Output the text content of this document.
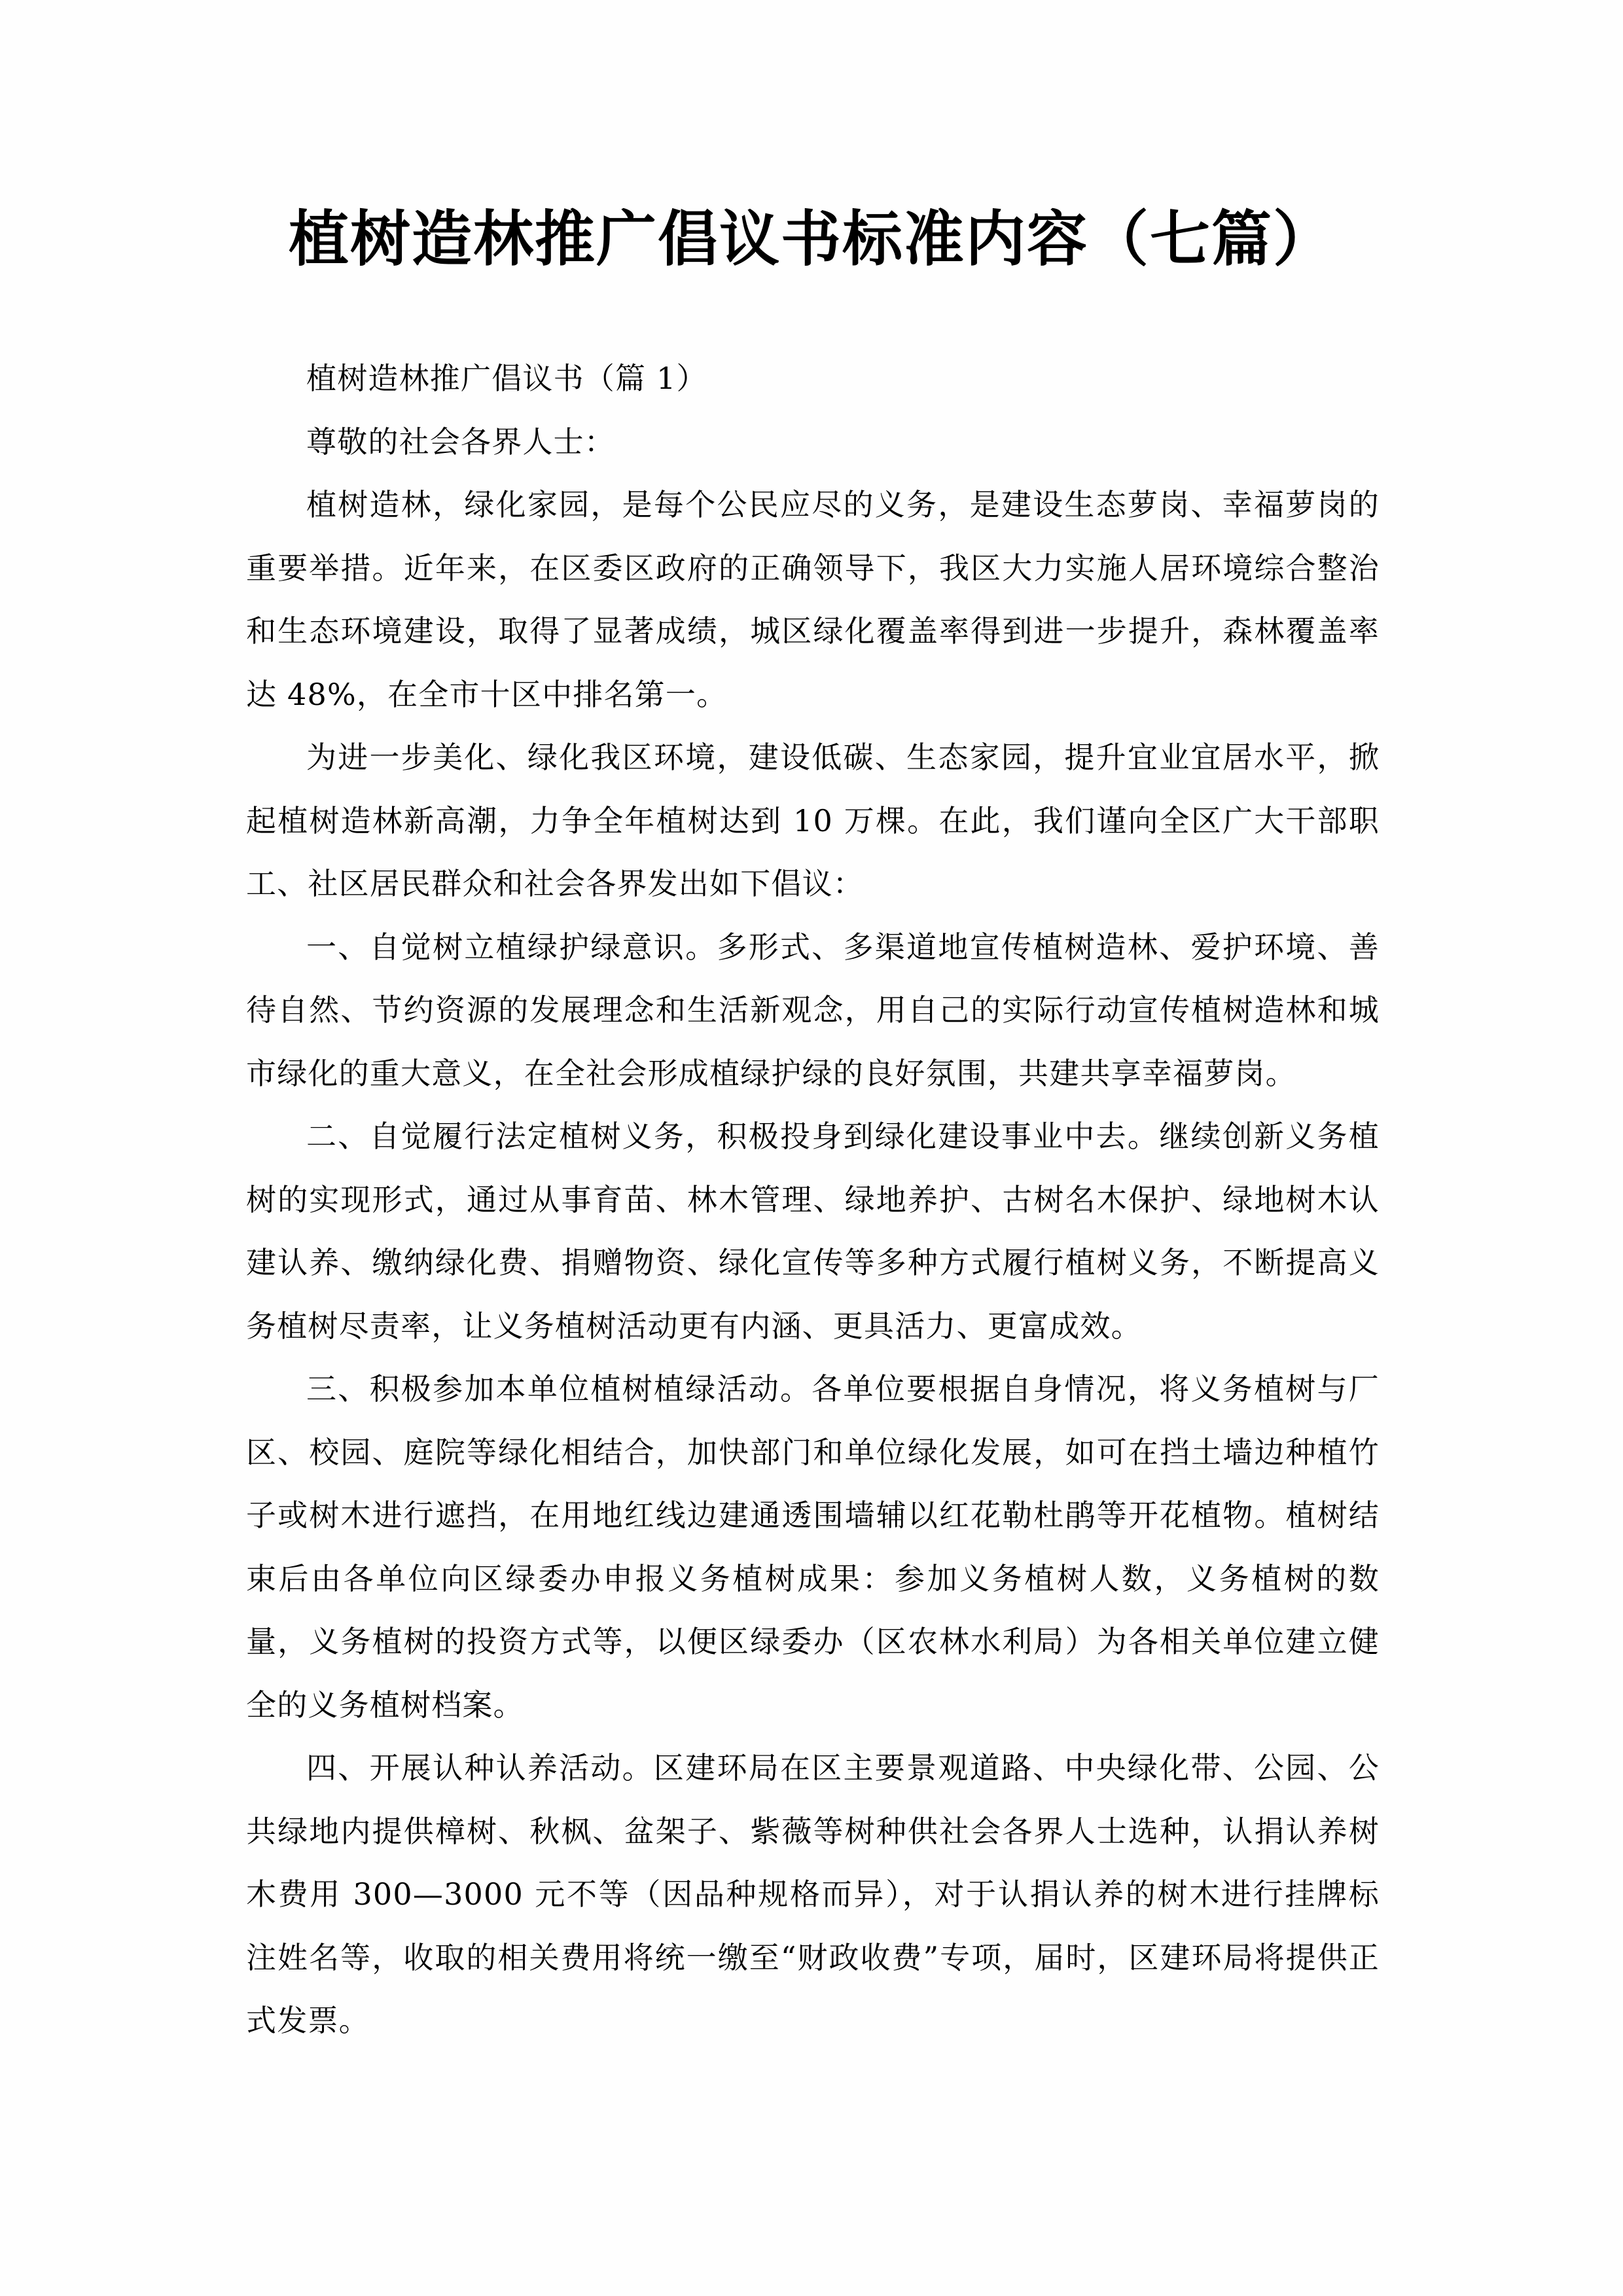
植树造林推广倡议书标准内容（七篇）

植树造林推广倡议书（篇 1）

尊敬的社会各界人士：

植树造林，绿化家园，是每个公民应尽的义务，是建设生态萝岗、幸福萝岗的重要举措。近年来，在区委区政府的正确领导下，我区大力实施人居环境综合整治和生态环境建设，取得了显著成绩，城区绿化覆盖率得到进一步提升，森林覆盖率达 48%，在全市十区中排名第一。

为进一步美化、绿化我区环境，建设低碳、生态家园，提升宜业宜居水平，掀起植树造林新高潮，力争全年植树达到 10 万棵。在此，我们谨向全区广大干部职工、社区居民群众和社会各界发出如下倡议：

一、自觉树立植绿护绿意识。多形式、多渠道地宣传植树造林、爱护环境、善待自然、节约资源的发展理念和生活新观念，用自己的实际行动宣传植树造林和城市绿化的重大意义，在全社会形成植绿护绿的良好氛围，共建共享幸福萝岗。

二、自觉履行法定植树义务，积极投身到绿化建设事业中去。继续创新义务植树的实现形式，通过从事育苗、林木管理、绿地养护、古树名木保护、绿地树木认建认养、缴纳绿化费、捐赠物资、绿化宣传等多种方式履行植树义务，不断提高义务植树尽责率，让义务植树活动更有内涵、更具活力、更富成效。

三、积极参加本单位植树植绿活动。各单位要根据自身情况，将义务植树与厂区、校园、庭院等绿化相结合，加快部门和单位绿化发展，如可在挡土墙边种植竹子或树木进行遮挡，在用地红线边建通透围墙辅以红花勒杜鹃等开花植物。植树结束后由各单位向区绿委办申报义务植树成果：参加义务植树人数，义务植树的数量，义务植树的投资方式等，以便区绿委办（区农林水利局）为各相关单位建立健全的义务植树档案。

四、开展认种认养活动。区建环局在区主要景观道路、中央绿化带、公园、公共绿地内提供樟树、秋枫、盆架子、紫薇等树种供社会各界人士选种，认捐认养树木费用 300—3000 元不等（因品种规格而异），对于认捐认养的树木进行挂牌标注姓名等，收取的相关费用将统一缴至“财政收费”专项，届时，区建环局将提供正式发票。
